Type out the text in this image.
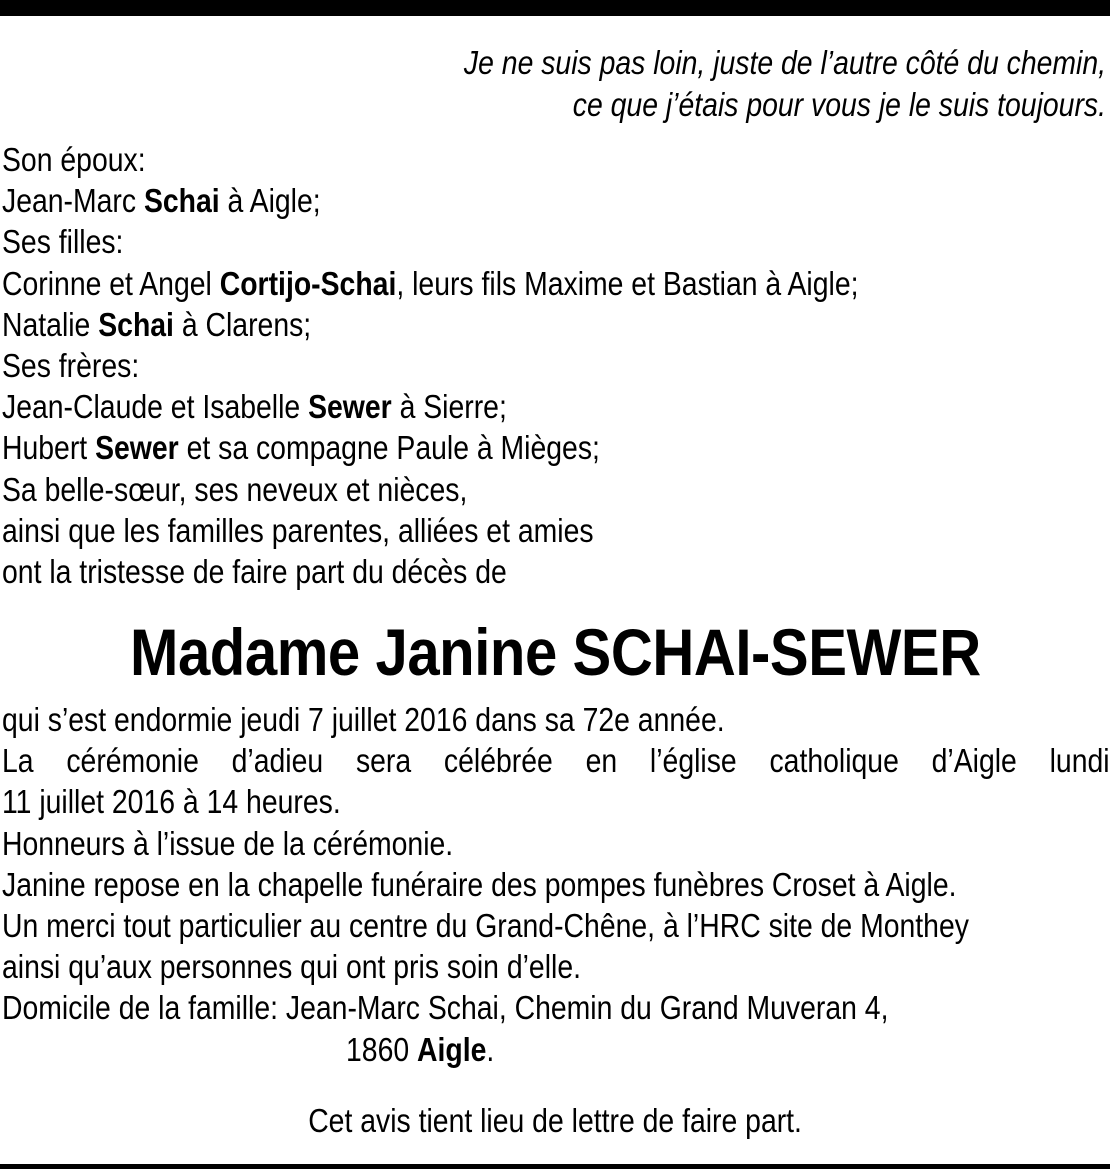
Je ne suis pas loin, juste de l’autre côté du chemin,
ce que j’étais pour vous je le suis toujours.
Son époux:
Jean-Marc Schai à Aigle;
Ses filles:
Corinne et Angel Cortijo-Schai, leurs fils Maxime et Bastian à Aigle;
Natalie Schai à Clarens;
Ses frères:
Jean-Claude et Isabelle Sewer à Sierre;
Hubert Sewer et sa compagne Paule à Mièges;
Sa belle-sœur, ses neveux et nièces,
ainsi que les familles parentes, alliées et amies
ont la tristesse de faire part du décès de
Madame Janine SCHAI-SEWER
qui s’est endormie jeudi 7 juillet 2016 dans sa 72e année.
La cérémonie d’adieu sera célébrée en l’église catholique d’Aigle lundi
11 juillet 2016 à 14 heures.
Honneurs à l’issue de la cérémonie.
Janine repose en la chapelle funéraire des pompes funèbres Croset à Aigle.
Un merci tout particulier au centre du Grand-Chêne, à l’HRC site de Monthey
ainsi qu’aux personnes qui ont pris soin d’elle.
Domicile de la famille: Jean-Marc Schai, Chemin du Grand Muveran 4,
1860 Aigle.
Cet avis tient lieu de lettre de faire part.
